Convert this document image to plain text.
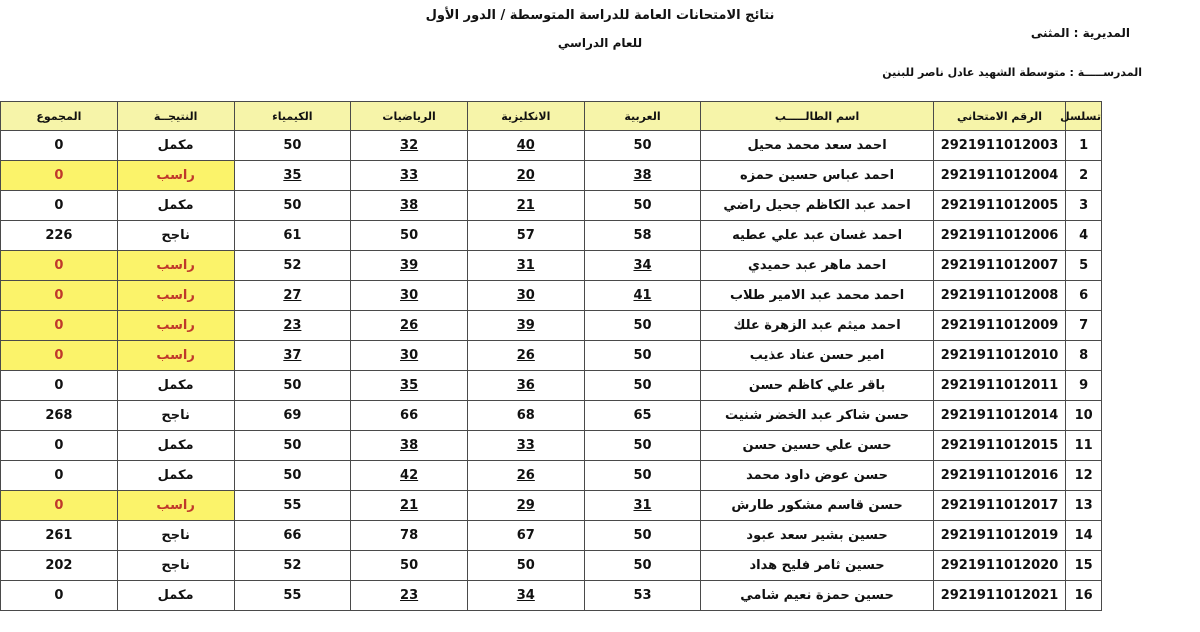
نتائج الامتحانات العامة للدراسة المتوسطة / الدور الأول
للعام الدراسي
المديرية : المثنى
المدرســـــة : متوسطة الشهيد عادل ناصر للبنين
تسلسل	الرقم الامتحاني	اسم الطالـــــب	العربية	الانكليزية	الرياضيات	الكيمياء	النتيجــة	المجموع
1	2921911012003	احمد سعد محمد محيل	50	40	32	50	مكمل	0
2	2921911012004	احمد عباس حسين حمزه	38	20	33	35	راسب	0
3	2921911012005	احمد عبد الكاظم جحيل راضي	50	21	38	50	مكمل	0
4	2921911012006	احمد غسان عبد علي عطيه	58	57	50	61	ناجح	226
5	2921911012007	احمد ماهر عبد حميدي	34	31	39	52	راسب	0
6	2921911012008	احمد محمد عبد الامير طلاب	41	30	30	27	راسب	0
7	2921911012009	احمد ميثم عبد الزهرة علك	50	39	26	23	راسب	0
8	2921911012010	امير حسن عناد عذيب	50	26	30	37	راسب	0
9	2921911012011	باقر علي كاظم حسن	50	36	35	50	مكمل	0
10	2921911012014	حسن شاكر عبد الخضر شنيت	65	68	66	69	ناجح	268
11	2921911012015	حسن علي حسين حسن	50	33	38	50	مكمل	0
12	2921911012016	حسن عوض داود محمد	50	26	42	50	مكمل	0
13	2921911012017	حسن قاسم مشكور طارش	31	29	21	55	راسب	0
14	2921911012019	حسين بشير سعد عبود	50	67	78	66	ناجح	261
15	2921911012020	حسين ثامر فليح هداد	50	50	50	52	ناجح	202
16	2921911012021	حسين حمزة نعيم شامي	53	34	23	55	مكمل	0
